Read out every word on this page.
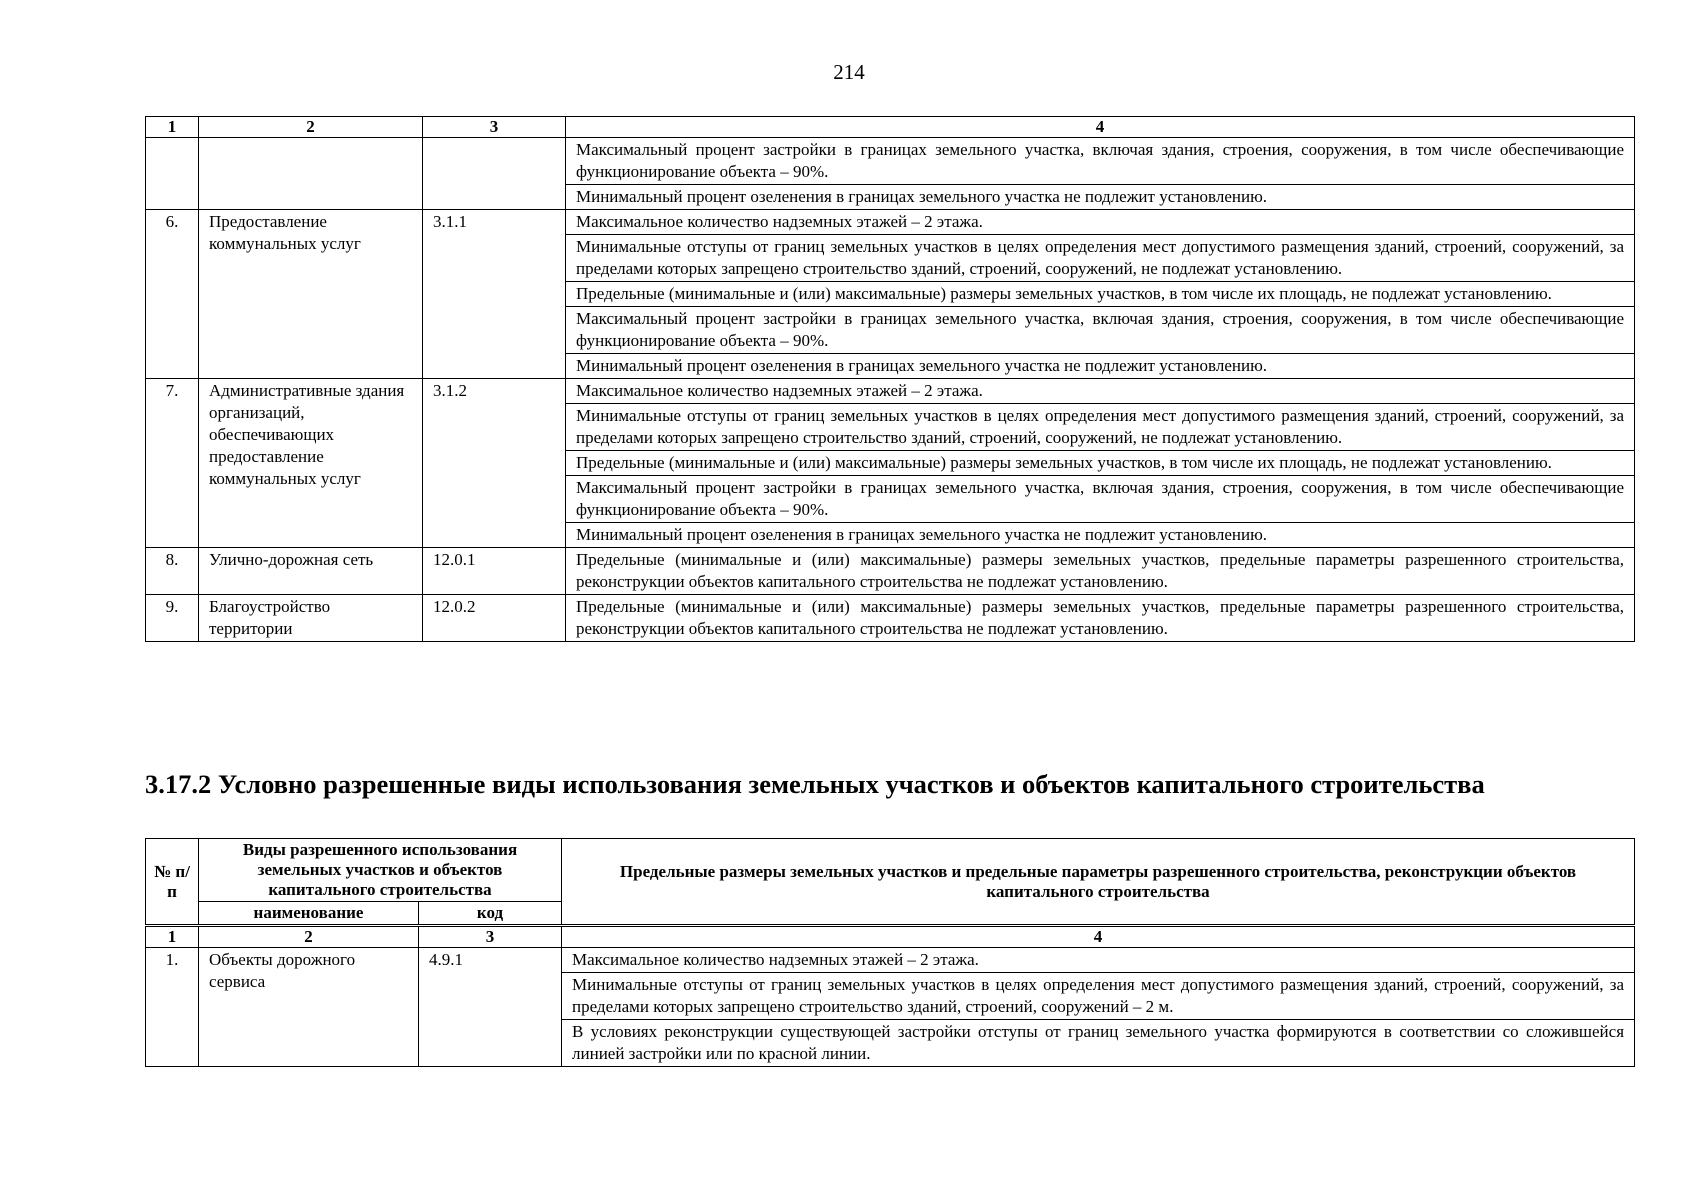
214
1	2	3	4
			Максимальный процент застройки в границах земельного участка, включая здания, строения, сооружения, в том числе обеспечивающие функционирование объекта – 90%.
			Минимальный процент озеленения в границах земельного участка не подлежит установлению.
6.	Предоставление коммунальных услуг	3.1.1	Максимальное количество надземных этажей – 2 этажа.
			Минимальные отступы от границ земельных участков в целях определения мест допустимого размещения зданий, строений, сооружений, за пределами которых запрещено строительство зданий, строений, сооружений, не подлежат установлению.
			Предельные (минимальные и (или) максимальные) размеры земельных участков, в том числе их площадь, не подлежат установлению.
			Максимальный процент застройки в границах земельного участка, включая здания, строения, сооружения, в том числе обеспечивающие функционирование объекта – 90%.
			Минимальный процент озеленения в границах земельного участка не подлежит установлению.
7.	Административные здания организаций, обеспечивающих предоставление коммунальных услуг	3.1.2	Максимальное количество надземных этажей – 2 этажа.
			Минимальные отступы от границ земельных участков в целях определения мест допустимого размещения зданий, строений, сооружений, за пределами которых запрещено строительство зданий, строений, сооружений, не подлежат установлению.
			Предельные (минимальные и (или) максимальные) размеры земельных участков, в том числе их площадь, не подлежат установлению.
			Максимальный процент застройки в границах земельного участка, включая здания, строения, сооружения, в том числе обеспечивающие функционирование объекта – 90%.
			Минимальный процент озеленения в границах земельного участка не подлежит установлению.
8.	Улично-дорожная сеть	12.0.1	Предельные (минимальные и (или) максимальные) размеры земельных участков, предельные параметры разрешенного строительства, реконструкции объектов капитального строительства не подлежат установлению.
9.	Благоустройство территории	12.0.2	Предельные (минимальные и (или) максимальные) размеры земельных участков, предельные параметры разрешенного строительства, реконструкции объектов капитального строительства не подлежат установлению.
3.17.2 Условно разрешенные виды использования земельных участков и объектов капитального строительства
№ п/п	Виды разрешенного использования земельных участков и объектов капитального строительства		Предельные размеры земельных участков и предельные параметры разрешенного строительства, реконструкции объектов капитального строительства
	наименование	код	
1	2	3	4
1.	Объекты дорожного сервиса	4.9.1	Максимальное количество надземных этажей – 2 этажа.
			Минимальные отступы от границ земельных участков в целях определения мест допустимого размещения зданий, строений, сооружений, за пределами которых запрещено строительство зданий, строений, сооружений – 2 м.
			В условиях реконструкции существующей застройки отступы от границ земельного участка формируются в соответствии со сложившейся линией застройки или по красной линии.
